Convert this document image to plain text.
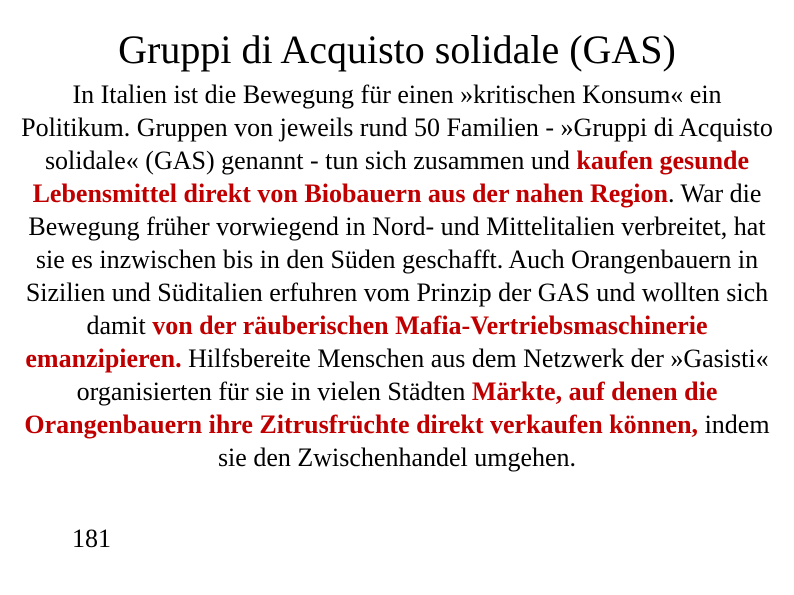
Gruppi di Acquisto solidale (GAS)

In Italien ist die Bewegung für einen »kritischen Konsum« ein Politikum. Gruppen von jeweils rund 50 Familien - »Gruppi di Acquisto solidale« (GAS) genannt - tun sich zusammen und kaufen gesunde Lebensmittel direkt von Biobauern aus der nahen Region. War die Bewegung früher vorwiegend in Nord- und Mittelitalien verbreitet, hat sie es inzwischen bis in den Süden geschafft. Auch Orangenbauern in Sizilien und Süditalien erfuhren vom Prinzip der GAS und wollten sich damit von der räuberischen Mafia-Vertriebsmaschinerie emanzipieren. Hilfsbereite Menschen aus dem Netzwerk der »Gasisti« organisierten für sie in vielen Städten Märkte, auf denen die Orangenbauern ihre Zitrusfrüchte direkt verkaufen können, indem sie den Zwischenhandel umgehen.

181
